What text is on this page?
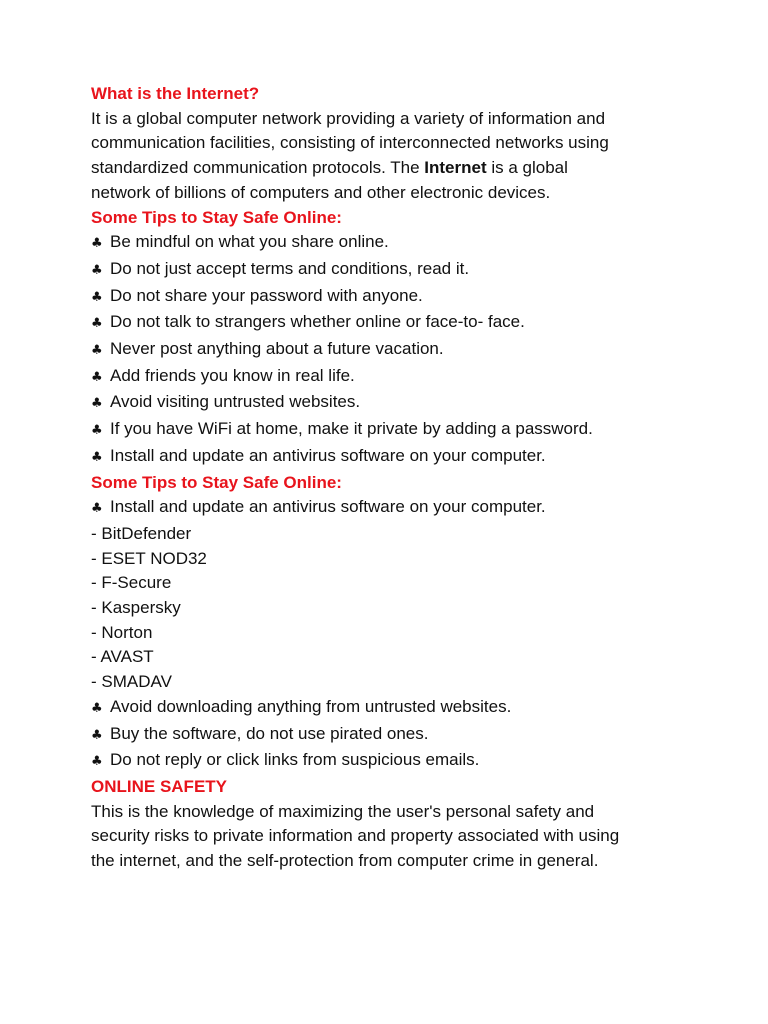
What is the Internet?
It is a global computer network providing a variety of information and
communication facilities, consisting of interconnected networks using
standardized communication protocols. The Internet is a global
network of billions of computers and other electronic devices.
Some Tips to Stay Safe Online:
♣ Be mindful on what you share online.
♣ Do not just accept terms and conditions, read it.
♣ Do not share your password with anyone.
♣ Do not talk to strangers whether online or face-to- face.
♣ Never post anything about a future vacation.
♣ Add friends you know in real life.
♣ Avoid visiting untrusted websites.
♣ If you have WiFi at home, make it private by adding a password.
♣ Install and update an antivirus software on your computer.
Some Tips to Stay Safe Online:
♣ Install and update an antivirus software on your computer.
- BitDefender
- ESET NOD32
- F-Secure
- Kaspersky
- Norton
- AVAST
- SMADAV
♣ Avoid downloading anything from untrusted websites.
♣ Buy the software, do not use pirated ones.
♣ Do not reply or click links from suspicious emails.
ONLINE SAFETY
This is the knowledge of maximizing the user's personal safety and
security risks to private information and property associated with using
the internet, and the self-protection from computer crime in general.
